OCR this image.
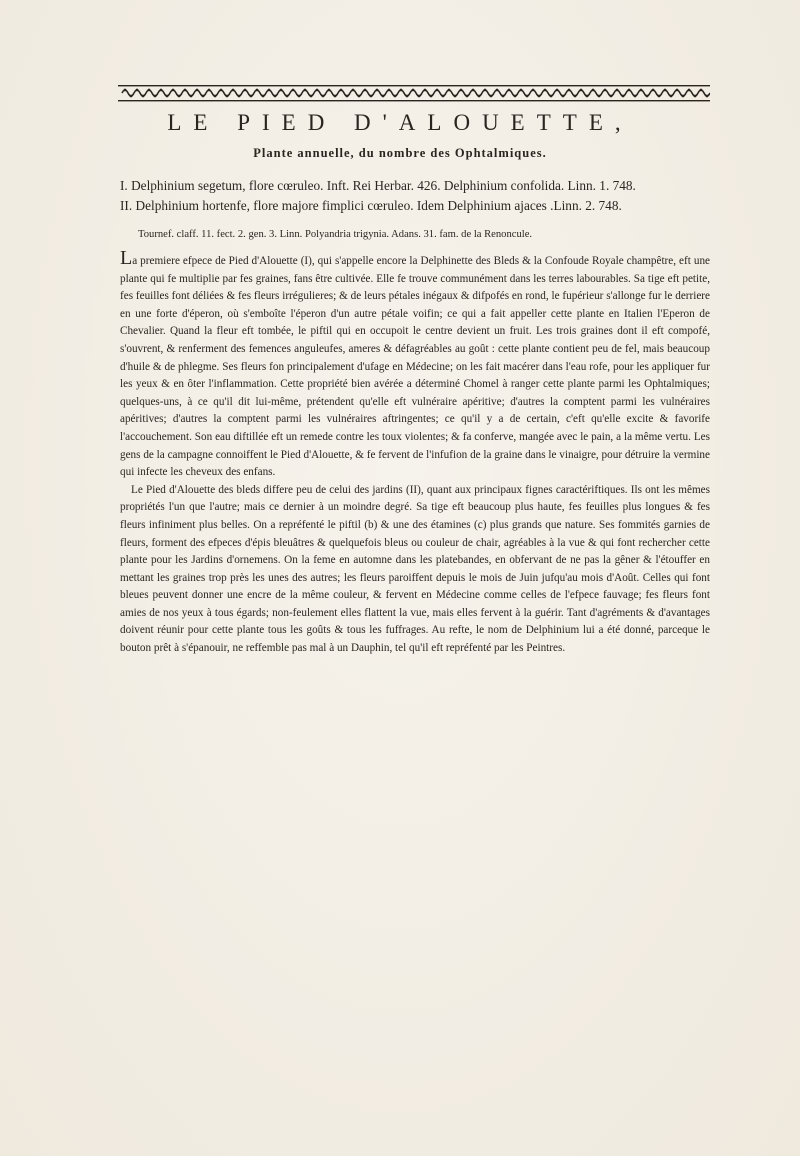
LE PIED D'ALOUETTE,
Plante annuelle, du nombre des Ophtalmiques.
I. Delphinium segetum, flore cœruleo. Inft. Rei Herbar. 426. Delphinium confolida. Linn. 1. 748.
II. Delphinium hortenfe, flore majore fimplici cœruleo. Idem Delphinium ajaces .Linn. 2. 748.
Tournef. claff. 11. fect. 2. gen. 3. Linn. Polyandria trigynia. Adans. 31. fam. de la Renoncule.

La premiere efpece de Pied d'Alouette (I), qui s'appelle encore la Delphinette des Bleds & la Confoude Royale champêtre, eft une plante qui fe multiplie par fes graines, fans être cultivée. Elle fe trouve communément dans les terres labourables. Sa tige eft petite, fes feuilles font déliées & fes fleurs irrégulieres; & de leurs pétales inégaux & difpofés en rond, le fupérieur s'allonge fur le derriere en une forte d'éperon, où s'emboîte l'éperon d'un autre pétale voifin; ce qui a fait appeller cette plante en Italien l'Eperon de Chevalier. Quand la fleur eft tombée, le piftil qui en occupoit le centre devient un fruit. Les trois graines dont il eft compofé, s'ouvrent, & renferment des femences anguleufes, ameres & défagréables au goût : cette plante contient peu de fel, mais beaucoup d'huile & de phlegme. Ses fleurs fon principalement d'ufage en Médecine; on les fait macérer dans l'eau rofe, pour les appliquer fur les yeux & en ôter l'inflammation. Cette propriété bien avérée a déterminé Chomel à ranger cette plante parmi les Ophtalmiques; quelques-uns, à ce qu'il dit lui-même, prétendent qu'elle eft vulnéraire apéritive; d'autres la comptent parmi les vulnéraires apéritives; d'autres la comptent parmi les vulnéraires aftringentes; ce qu'il y a de certain, c'eft qu'elle excite & favorife l'accouchement. Son eau diftillée eft un remede contre les toux violentes; & fa conferve, mangée avec le pain, a la même vertu. Les gens de la campagne connoiffent le Pied d'Alouette, & fe fervent de l'infufion de la graine dans le vinaigre, pour détruire la vermine qui infecte les cheveux des enfans.

Le Pied d'Alouette des bleds differe peu de celui des jardins (II), quant aux principaux fignes caractériftiques. Ils ont les mêmes propriétés l'un que l'autre; mais ce dernier à un moindre degré. Sa tige eft beaucoup plus haute, fes feuilles plus longues & fes fleurs infiniment plus belles. On a repréfenté le piftil (b) & une des étamines (c) plus grands que nature. Ses fommités garnies de fleurs, forment des efpeces d'épis bleuâtres & quelquefois bleus ou couleur de chair, agréables à la vue & qui font rechercher cette plante pour les Jardins d'ornemens. On la feme en automne dans les platebandes, en obfervant de ne pas la gêner & l'étouffer en mettant les graines trop près les unes des autres; les fleurs paroiffent depuis le mois de Juin jufqu'au mois d'Août. Celles qui font bleues peuvent donner une encre de la même couleur, & fervent en Médecine comme celles de l'efpece fauvage; fes fleurs font amies de nos yeux à tous égards; non-feulement elles flattent la vue, mais elles fervent à la guérir. Tant d'agréments & d'avantages doivent réunir pour cette plante tous les goûts & tous les fuffrages. Au refte, le nom de Delphinium lui a été donné, parceque le bouton prêt à s'épanouir, ne reffemble pas mal à un Dauphin, tel qu'il eft repréfenté par les Peintres.
